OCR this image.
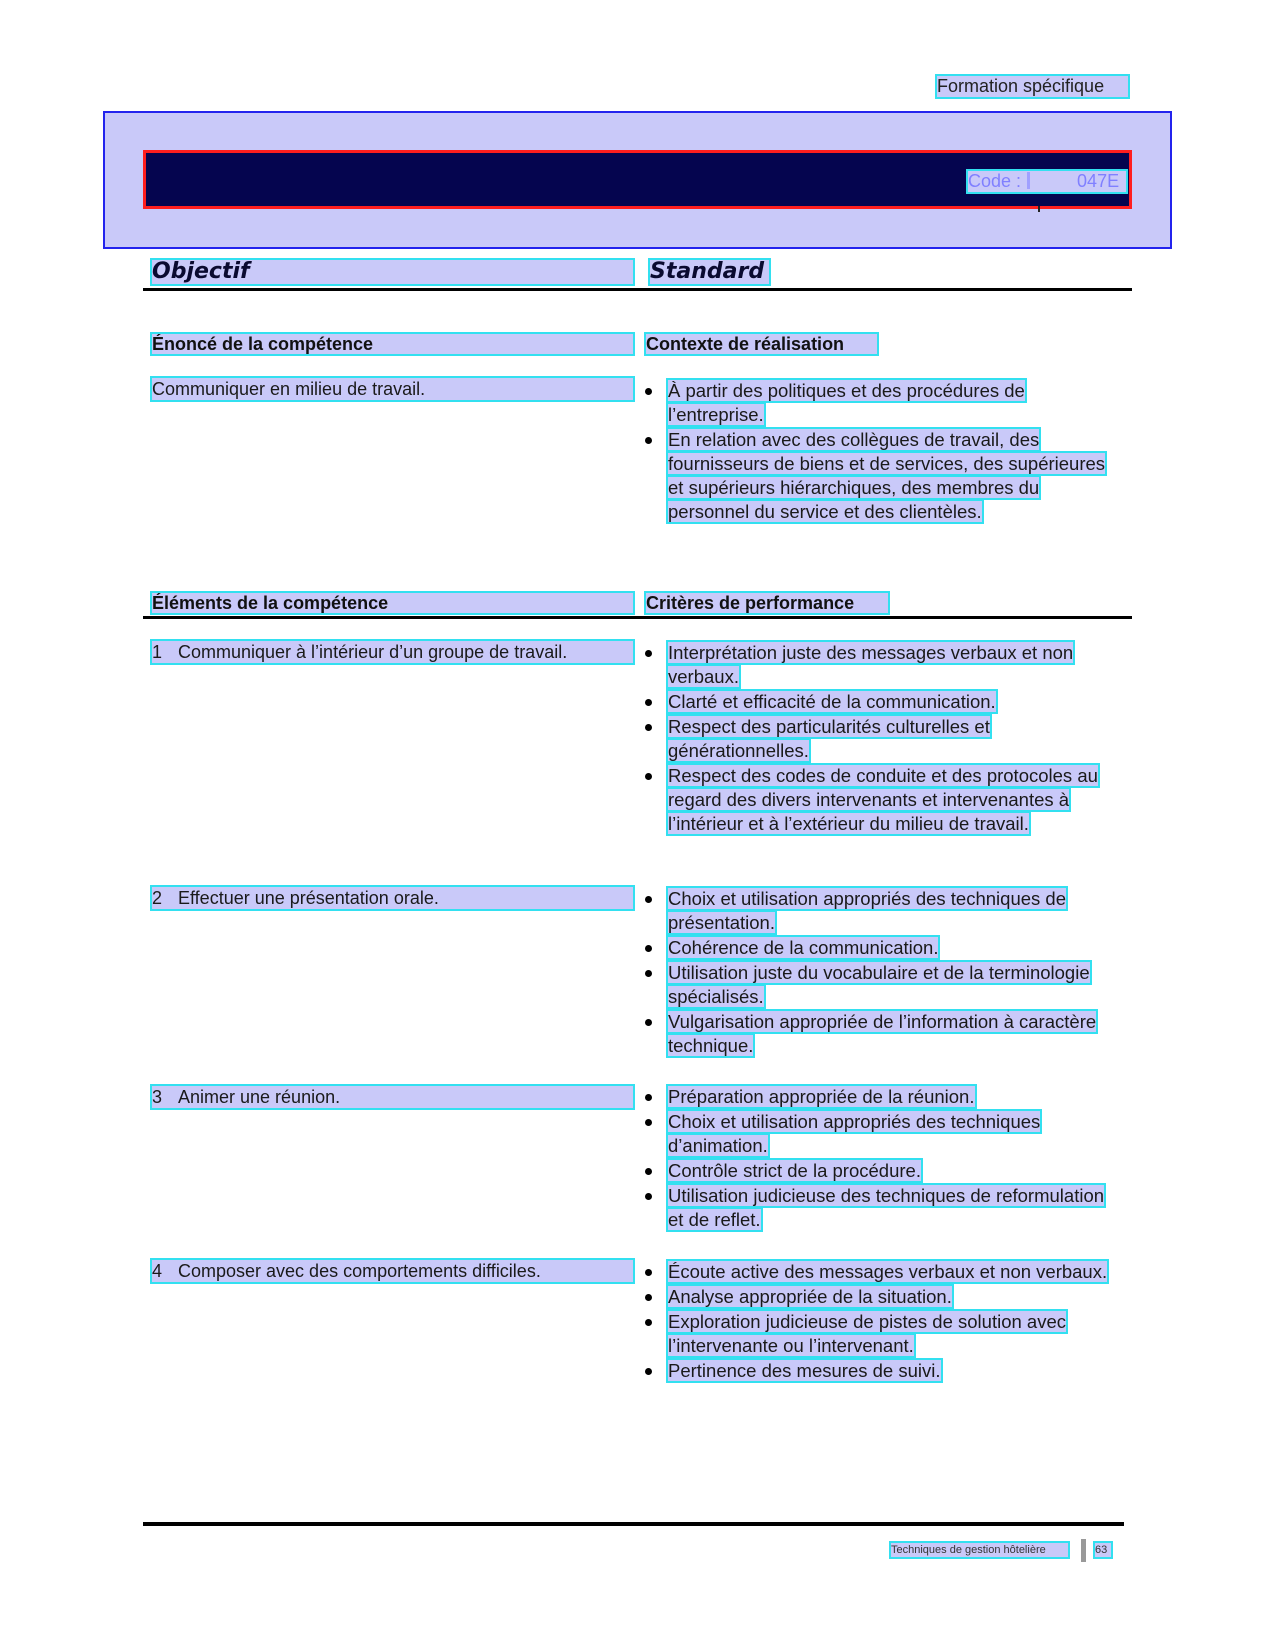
Formation spécifique
Code :	047E
Objectif	Standard
Énoncé de la compétence	Contexte de réalisation
Communiquer en milieu de travail.	À partir des politiques et des procédures de l’entreprise.
En relation avec des collègues de travail, des fournisseurs de biens et de services, des supérieures et supérieurs hiérarchiques, des membres du personnel du service et des clientèles.
Éléments de la compétence	Critères de performance
1 Communiquer à l’intérieur d’un groupe de travail.	Interprétation juste des messages verbaux et non verbaux.
Clarté et efficacité de la communication.
Respect des particularités culturelles et générationnelles.
Respect des codes de conduite et des protocoles au regard des divers intervenants et intervenantes à l’intérieur et à l’extérieur du milieu de travail.
2 Effectuer une présentation orale.	Choix et utilisation appropriés des techniques de présentation.
Cohérence de la communication.
Utilisation juste du vocabulaire et de la terminologie spécialisés.
Vulgarisation appropriée de l’information à caractère technique.
3 Animer une réunion.	Préparation appropriée de la réunion.
Choix et utilisation appropriés des techniques d’animation.
Contrôle strict de la procédure.
Utilisation judicieuse des techniques de reformulation et de reflet.
4 Composer avec des comportements difficiles.	Écoute active des messages verbaux et non verbaux.
Analyse appropriée de la situation.
Exploration judicieuse de pistes de solution avec l’intervenante ou l’intervenant.
Pertinence des mesures de suivi.
Techniques de gestion hôtelière	63
